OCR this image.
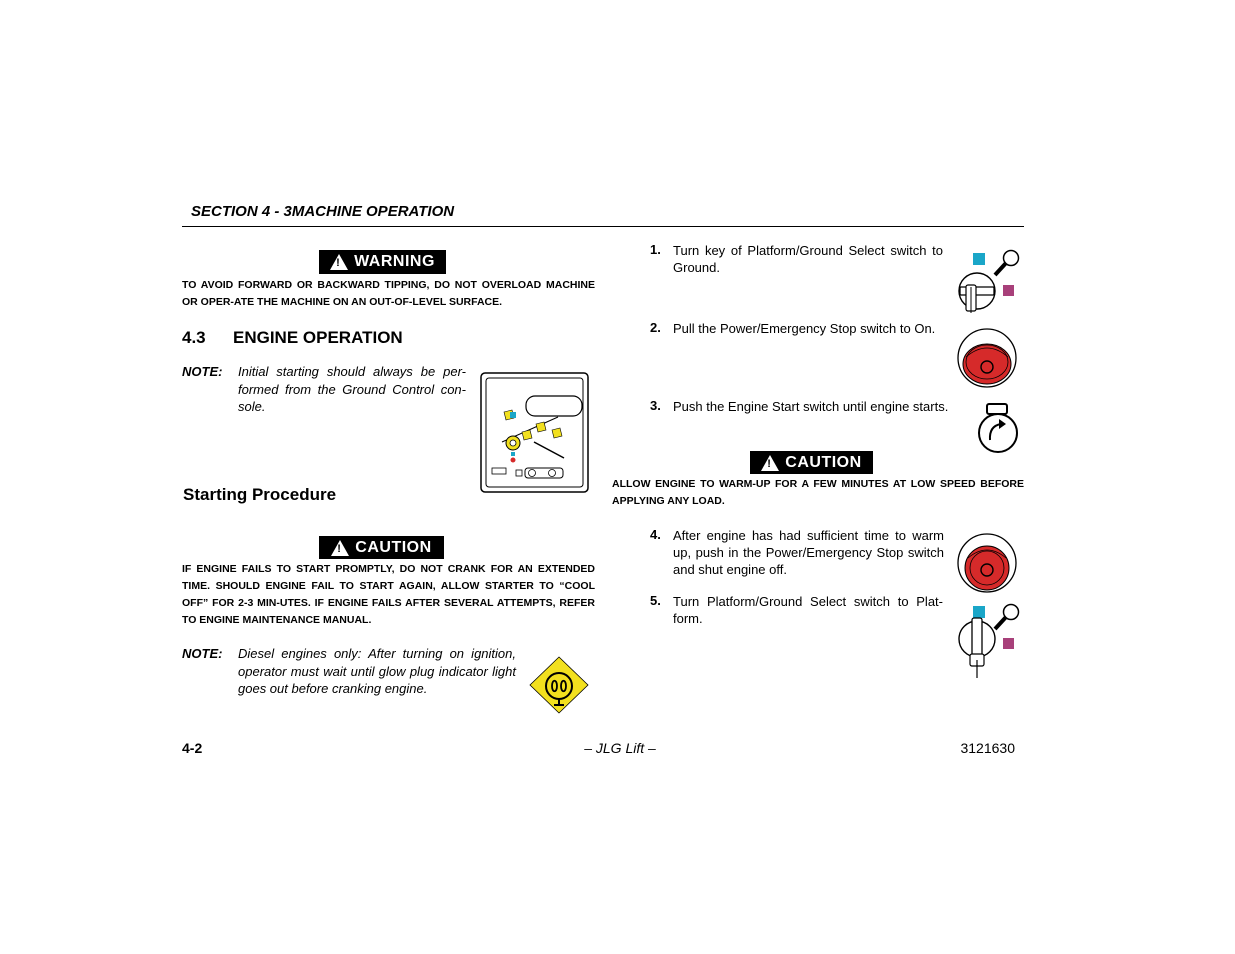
SECTION 4 - 3MACHINE OPERATION
! WARNING
TO AVOID FORWARD OR BACKWARD TIPPING, DO NOT OVERLOAD MACHINE OR OPER-ATE THE MACHINE ON AN OUT-OF-LEVEL SURFACE.
4.3 ENGINE OPERATION
NOTE: Initial starting should always be per-formed from the Ground Control con-sole.
Starting Procedure
! CAUTION
IF ENGINE FAILS TO START PROMPTLY, DO NOT CRANK FOR AN EXTENDED TIME. SHOULD ENGINE FAIL TO START AGAIN, ALLOW STARTER TO “COOL OFF” FOR 2-3 MIN-UTES. IF ENGINE FAILS AFTER SEVERAL ATTEMPTS, REFER TO ENGINE MAINTENANCE MANUAL.
NOTE: Diesel engines only: After turning on ignition, operator must wait until glow plug indicator light goes out before cranking engine.
1. Turn key of Platform/Ground Select switch to Ground.
2. Pull the Power/Emergency Stop switch to On.
3. Push the Engine Start switch until engine starts.
! CAUTION
ALLOW ENGINE TO WARM-UP FOR A FEW MINUTES AT LOW SPEED BEFORE APPLYING ANY LOAD.
4. After engine has had sufficient time to warm up, push in the Power/Emergency Stop switch and shut engine off.
5. Turn Platform/Ground Select switch to Plat-form.
4-2	– JLG Lift –	3121630
